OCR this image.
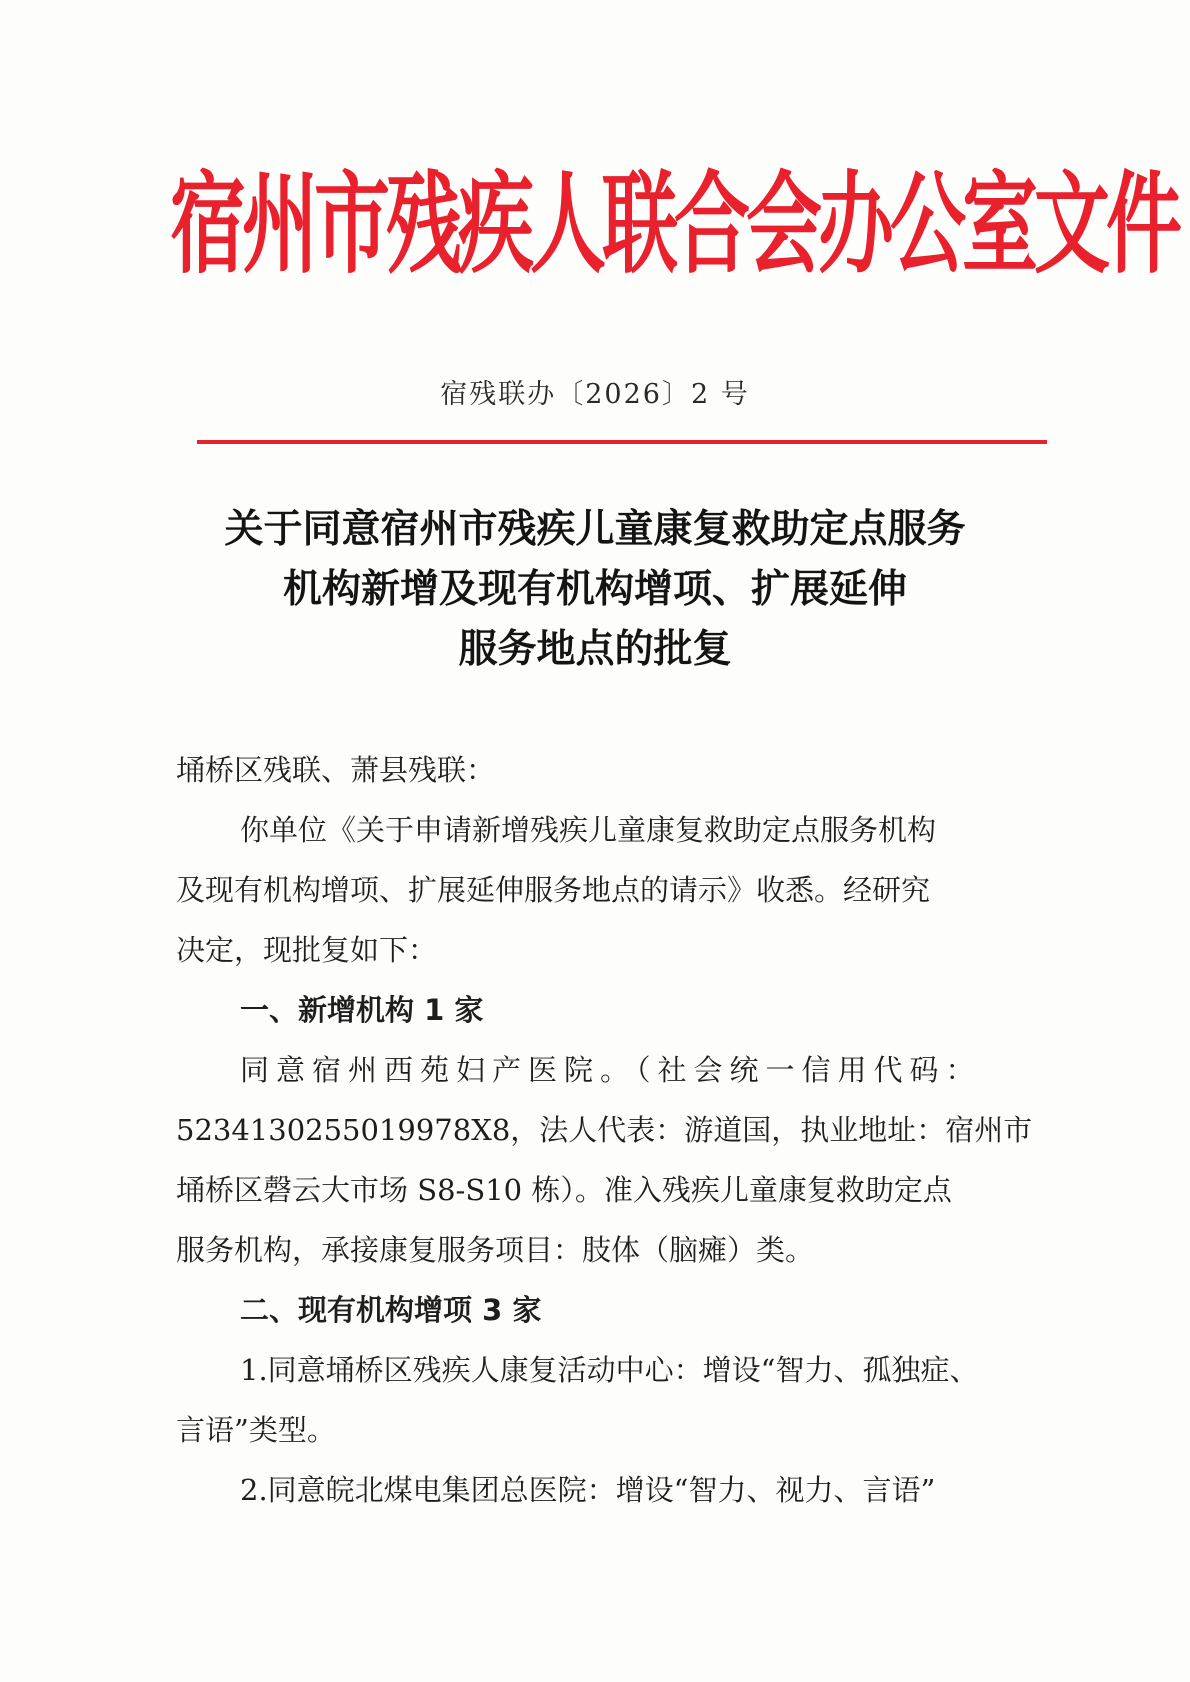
宿州市残疾人联合会办公室文件
宿残联办〔2026〕2 号
关于同意宿州市残疾儿童康复救助定点服务
机构新增及现有机构增项、扩展延伸
服务地点的批复

埇桥区残联、萧县残联：

你单位《关于申请新增残疾儿童康复救助定点服务机构

及现有机构增项、扩展延伸服务地点的请示》收悉。经研究

决定，现批复如下：

一、新增机构 1 家

同意宿州西苑妇产医院。（社会统一信用代码：

523413025501997​8X8，法人代表：游道国，执业地址：宿州市

埇桥区磬云大市场 S8-S10 栋）。准入残疾儿童康复救助定点

服务机构，承接康复服务项目：肢体（脑瘫）类。

二、现有机构增项 3 家

1.同意埇桥区残疾人康复活动中心：增设“智力、孤独症、

言语”类型。

2.同意皖北煤电集团总医院：增设“智力、视力、言语”
